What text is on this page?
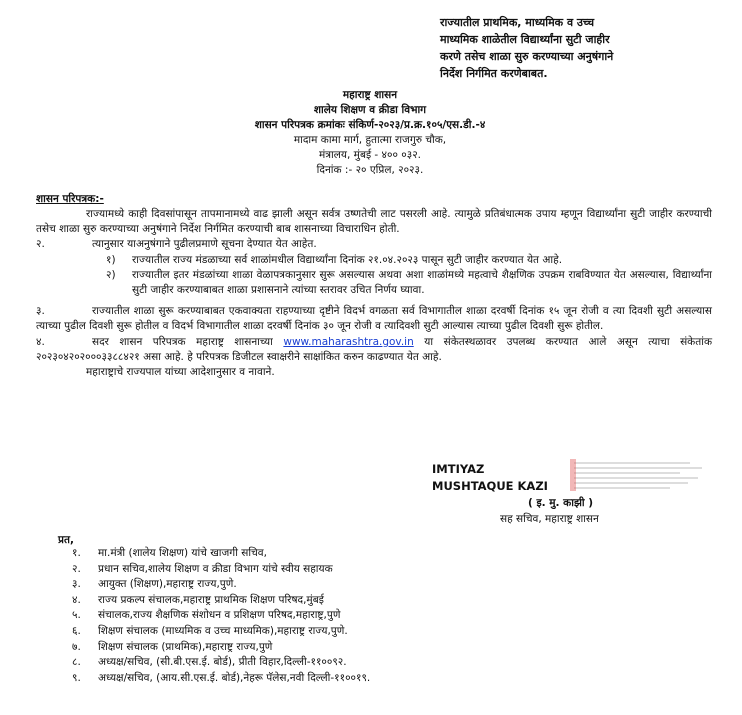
राज्यातील प्राथमिक, माध्यमिक व उच्च
माध्यमिक शाळेतील विद्यार्थ्यांना सुटी जाहीर
करणे तसेच शाळा सुरु करण्याच्या अनुषंगाने
निर्देश निर्गमित करणेबाबत.
महाराष्ट्र शासन
शालेय शिक्षण व क्रीडा विभाग
शासन परिपत्रक क्रमांकः संकिर्ण-२०२३/प्र.क्र.१०५/एस.डी.-४
मादाम कामा मार्ग, हुतात्मा राजगुरु चौक,
मंत्रालय, मुंबई - ४०० ०३२.
दिनांक :- २० एप्रिल, २०२३.
शासन परिपत्रक:-

राज्यामध्ये काही दिवसांपासून तापमानामध्ये वाढ झाली असून सर्वत्र उष्णतेची लाट पसरली आहे. त्यामुळे प्रतिबंधात्मक उपाय म्हणून विद्यार्थ्यांना सुटी जाहीर करण्याची तसेच शाळा सुरु करण्याच्या अनुषंगाने निर्देश निर्गमित करण्याची बाब शासनाच्या विचाराधिन होती.

२.	त्यानुसार याअनुषंगाने पुढीलप्रमाणे सूचना देण्यात येत आहेत.
१)	राज्यातील राज्य मंडळाच्या सर्व शाळांमधील विद्यार्थ्यांना दिनांक २१.०४.२०२३ पासून सुटी जाहीर करण्यात येत आहे.
२)	राज्यातील इतर मंडळांच्या शाळा वेळापत्रकानुसार सुरू असल्यास अथवा अशा शाळांमध्ये महत्वाचे शैक्षणिक उपक्रम राबविण्यात येत असल्यास, विद्यार्थ्यांना सुटी जाहीर करण्याबाबत शाळा प्रशासनाने त्यांच्या स्तरावर उचित निर्णय घ्यावा.

३.	राज्यातील शाळा सुरू करण्याबाबत एकवाक्यता राहण्याच्या दृष्टीने विदर्भ वगळता सर्व विभागातील शाळा दरवर्षी दिनांक १५ जून रोजी व त्या दिवशी सुटी असल्यास त्याच्या पुढील दिवशी सुरू होतील व विदर्भ विभागातील शाळा दरवर्षी दिनांक ३० जून रोजी व त्यादिवशी सुटी आल्यास त्याच्या पुढील दिवशी सुरू होतील.

४.	सदर शासन परिपत्रक महाराष्ट्र शासनाच्या www.maharashtra.gov.in या संकेतस्थळावर उपलब्ध करण्यात आले असून त्याचा संकेतांक २०२३०४२०२०००३३८८४२१ असा आहे. हे परिपत्रक डिजीटल स्वाक्षरीने साक्षांकित करुन काढण्यात येत आहे.

महाराष्ट्राचे राज्यपाल यांच्या आदेशानुसार व नावाने.

IMTIYAZ
MUSHTAQUE KAZI
( इ. मु. काझी )
सह सचिव, महाराष्ट्र शासन
प्रत,
१.	मा.मंत्री (शालेय शिक्षण) यांचे खाजगी सचिव,
२.	प्रधान सचिव,शालेय शिक्षण व क्रीडा विभाग यांचे स्वीय सहायक
३.	आयुक्त (शिक्षण),महाराष्ट्र राज्य,पुणे.
४.	राज्य प्रकल्प संचालक,महाराष्ट्र प्राथमिक शिक्षण परिषद,मुंबई
५.	संचालक,राज्य शैक्षणिक संशोधन व प्रशिक्षण परिषद,महाराष्ट्र,पुणे
६.	शिक्षण संचालक (माध्यमिक व उच्च माध्यमिक),महाराष्ट्र राज्य,पुणे.
७.	शिक्षण संचालक (प्राथमिक),महाराष्ट्र राज्य,पुणे
८.	अध्यक्ष/सचिव, (सी.बी.एस.ई. बोर्ड), प्रीती विहार,दिल्ली-११००९२.
९.	अध्यक्ष/सचिव, (आय.सी.एस.ई. बोर्ड),नेहरू पॅलेस,नवी दिल्ली-११००१९.
